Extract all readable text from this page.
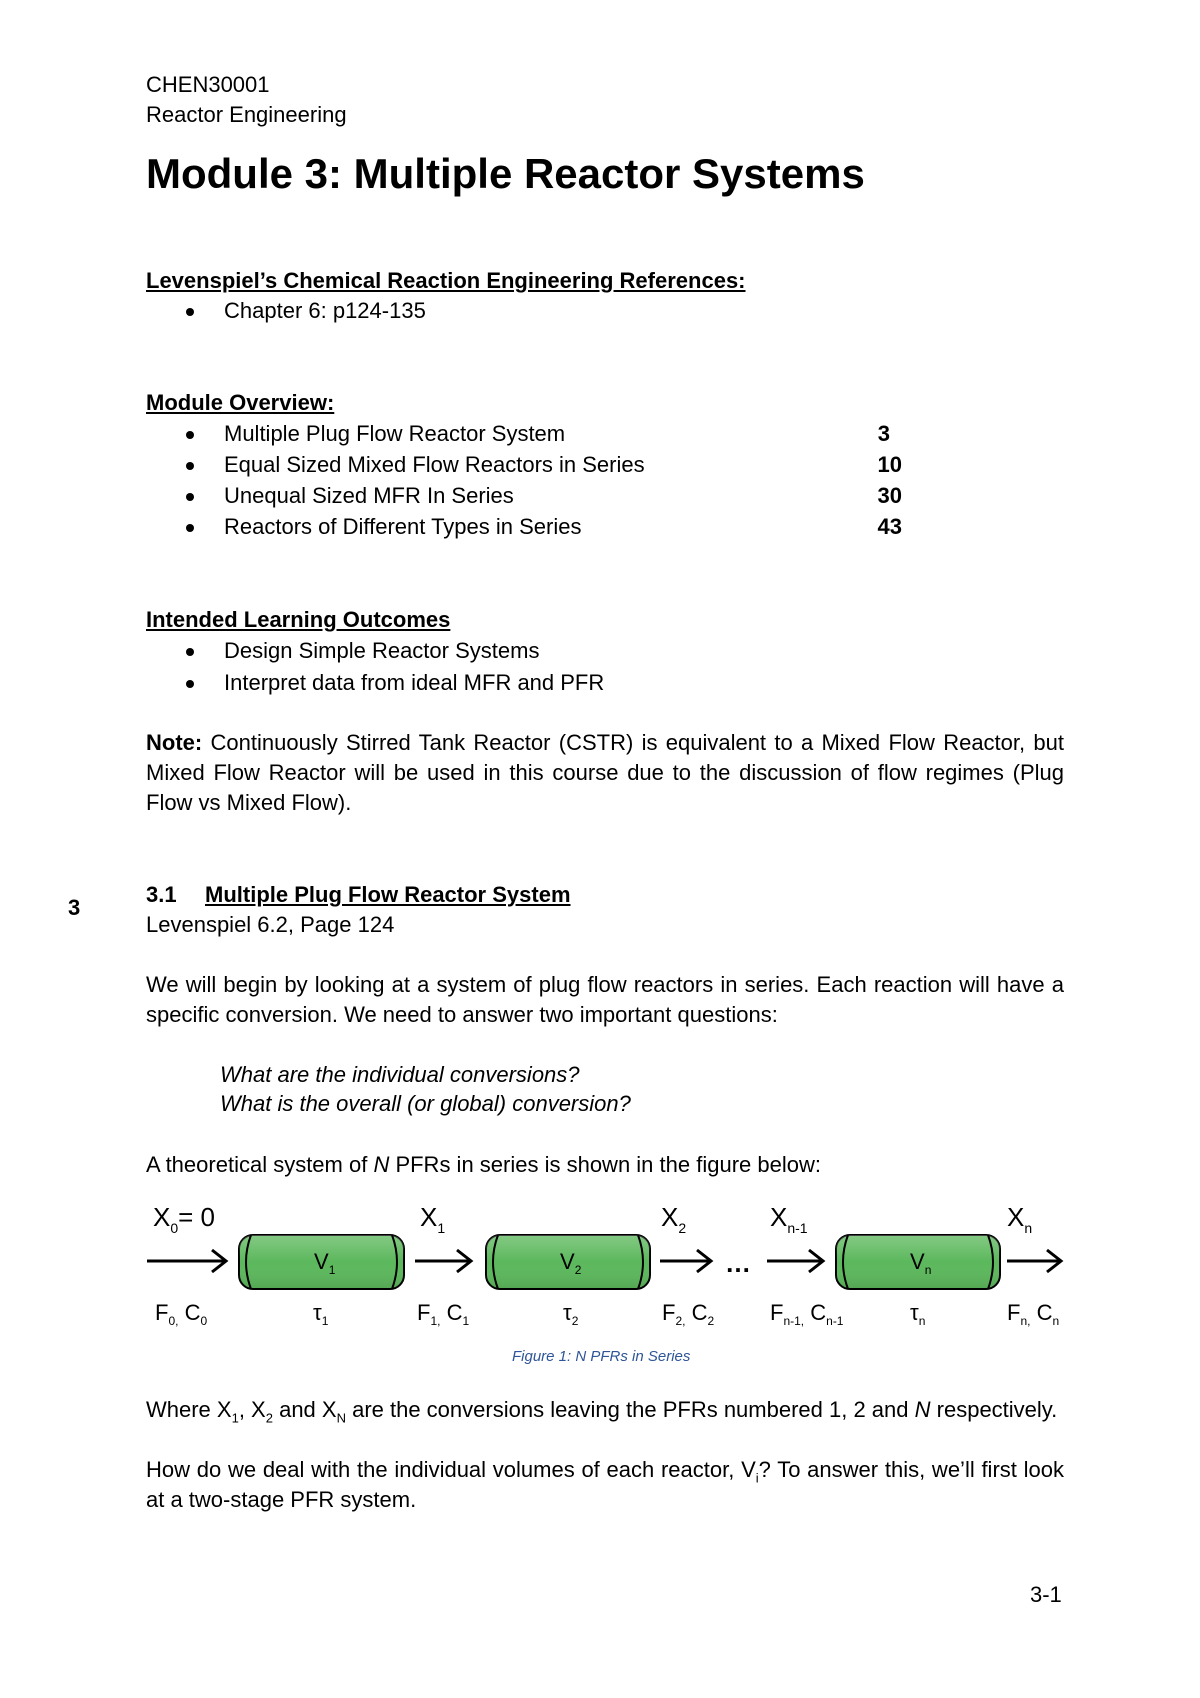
CHEN30001
Reactor Engineering
Module 3: Multiple Reactor Systems
Levenspiel’s Chemical Reaction Engineering References:
Chapter 6: p124-135
Module Overview:
Multiple Plug Flow Reactor System	3
Equal Sized Mixed Flow Reactors in Series	10
Unequal Sized MFR In Series	30
Reactors of Different Types in Series	43
Intended Learning Outcomes
Design Simple Reactor Systems
Interpret data from ideal MFR and PFR
Note: Continuously Stirred Tank Reactor (CSTR) is equivalent to a Mixed Flow Reactor, but Mixed Flow Reactor will be used in this course due to the discussion of flow regimes (Plug Flow vs Mixed Flow).
3
3.1 Multiple Plug Flow Reactor System
Levenspiel 6.2, Page 124
We will begin by looking at a system of plug flow reactors in series. Each reaction will have a specific conversion. We need to answer two important questions:
What are the individual conversions?
What is the overall (or global) conversion?
A theoretical system of N PFRs in series is shown in the figure below:
…
$V_1$	$V_2$	$V_n$
$X_0= 0$	$X_1$	$X_2$	$X_{n-1}$	$X_n$
$F_{0,}$ $C_0$	$F_{1,}$ $C_1$	$F_{2,}$ $C_2$	$F_{n-1,}$ $C_{n-1}$	$F_{n,}$ $C_n$
$\tau_1$	$\tau_2$	$\tau_n$
Figure 1: N PFRs in Series
Where $X_1$, $X_2$ and $X_N$ are the conversions leaving the PFRs numbered 1, 2 and N respectively.
How do we deal with the individual volumes of each reactor, $V_i$? To answer this, we’ll first look at a two-stage PFR system.
3-1
